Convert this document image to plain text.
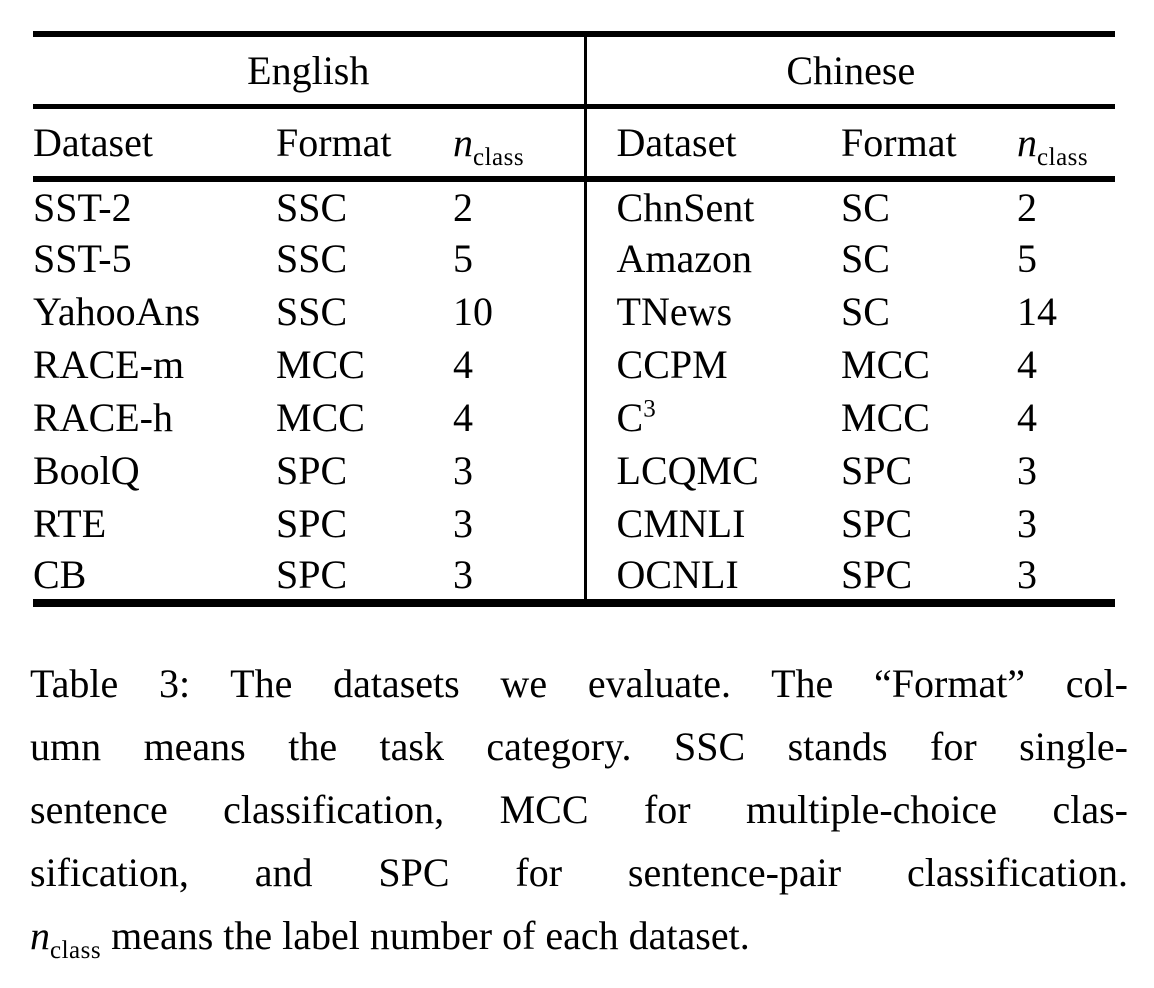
English			Chinese		
Dataset	Format	$n_{class}$	Dataset	Format	$n_{class}$
SST-2	SSC	2	ChnSent	SC	2
SST-5	SSC	5	Amazon	SC	5
YahooAns	SSC	10	TNews	SC	14
RACE-m	MCC	4	CCPM	MCC	4
RACE-h	MCC	4	$C^3$	MCC	4
BoolQ	SPC	3	LCQMC	SPC	3
RTE	SPC	3	CMNLI	SPC	3
CB	SPC	3	OCNLI	SPC	3
Table 3: The datasets we evaluate. The “Format” col-
umn means the task category. SSC stands for single-
sentence classification, MCC for multiple-choice clas-
sification, and SPC for sentence-pair classification.
$n_{class}$ means the label number of each dataset.
